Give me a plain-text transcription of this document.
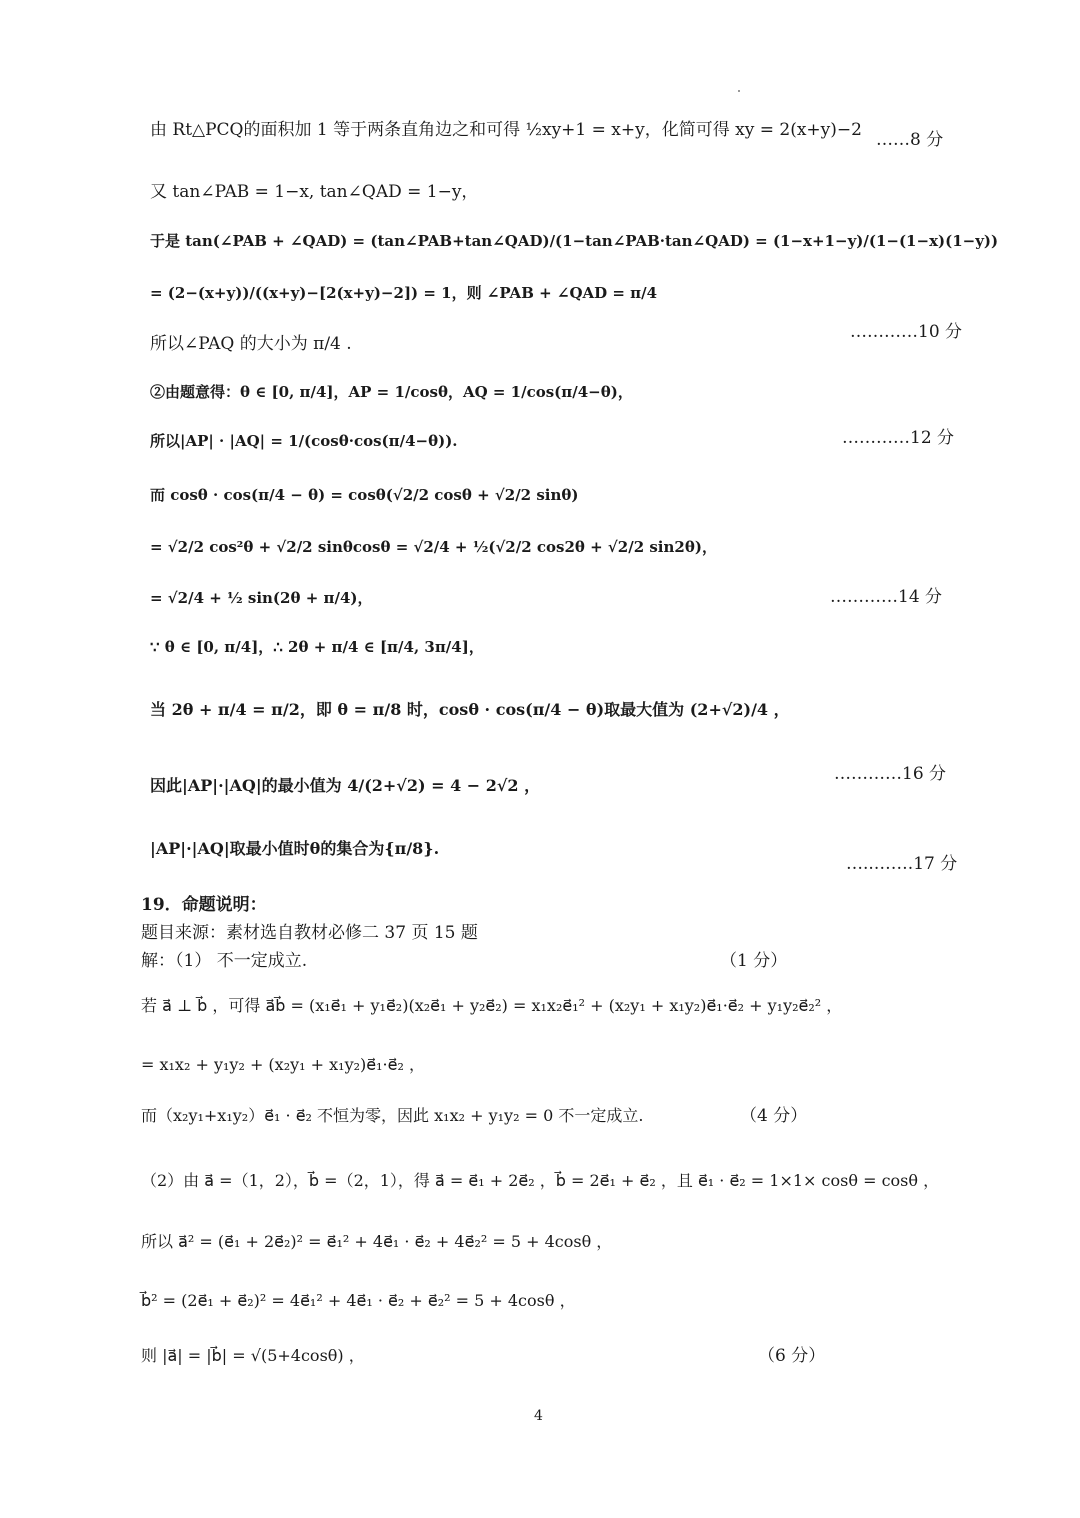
由 Rt△PCQ的面积加 1 等于两条直角边之和可得 ½xy+1 = x+y，化简可得 xy = 2(x+y)−2 ……8 分
又 tan∠PAB = 1−x, tan∠QAD = 1−y，
于是 tan(∠PAB + ∠QAD) = (tan∠PAB+tan∠QAD)/(1−tan∠PAB·tan∠QAD) = (1−x+1−y)/(1−(1−x)(1−y))
= (2−(x+y))/((x+y)−[2(x+y)−2]) = 1，则 ∠PAB + ∠QAD = π/4
所以∠PAQ 的大小为 π/4 .
…………10 分
②由题意得：θ ∈ [0, π/4]，AP = 1/cosθ，AQ = 1/cos(π/4−θ)，
所以|AP| · |AQ| = 1/(cosθ·cos(π/4−θ)).	…………12 分
而 cosθ · cos(π/4 − θ) = cosθ(√2/2 cosθ + √2/2 sinθ)
= √2/2 cos²θ + √2/2 sinθcosθ = √2/4 + ½(√2/2 cos2θ + √2/2 sin2θ)，
= √2/4 + ½ sin(2θ + π/4)，	…………14 分
∵ θ ∈ [0, π/4]，∴ 2θ + π/4 ∈ [π/4, 3π/4]，
当 2θ + π/4 = π/2，即 θ = π/8 时，cosθ · cos(π/4 − θ)取最大值为 (2+√2)/4 ，
因此|AP|·|AQ|的最小值为 4/(2+√2) = 4 − 2√2 ，
…………16 分
|AP|·|AQ|取最小值时θ的集合为{π/8}.
…..…….17 分
19．命题说明：
题目来源：素材选自教材必修二 37 页 15 题
解：（1） 不一定成立.	（1 分）
若 a⃗ ⊥ b⃗ ，可得 a⃗b⃗ = (x₁e⃗₁ + y₁e⃗₂)(x₂e⃗₁ + y₂e⃗₂) = x₁x₂e⃗₁² + (x₂y₁ + x₁y₂)e⃗₁·e⃗₂ + y₁y₂e⃗₂² ，
= x₁x₂ + y₁y₂ + (x₂y₁ + x₁y₂)e⃗₁·e⃗₂ ，
而（x₂y₁+x₁y₂）e⃗₁ · e⃗₂ 不恒为零，因此 x₁x₂ + y₁y₂ = 0 不一定成立.	（4 分）
（2）由 a⃗ =（1，2），b⃗ =（2，1），得 a⃗ = e⃗₁ + 2e⃗₂ ，b⃗ = 2e⃗₁ + e⃗₂ ，且 e⃗₁ · e⃗₂ = 1×1× cosθ = cosθ ，
所以 a⃗² = (e⃗₁ + 2e⃗₂)² = e⃗₁² + 4e⃗₁ · e⃗₂ + 4e⃗₂² = 5 + 4cosθ ，
b⃗² = (2e⃗₁ + e⃗₂)² = 4e⃗₁² + 4e⃗₁ · e⃗₂ + e⃗₂² = 5 + 4cosθ ，
则 |a⃗| = |b⃗| = √(5+4cosθ) ，	（6 分）
4
